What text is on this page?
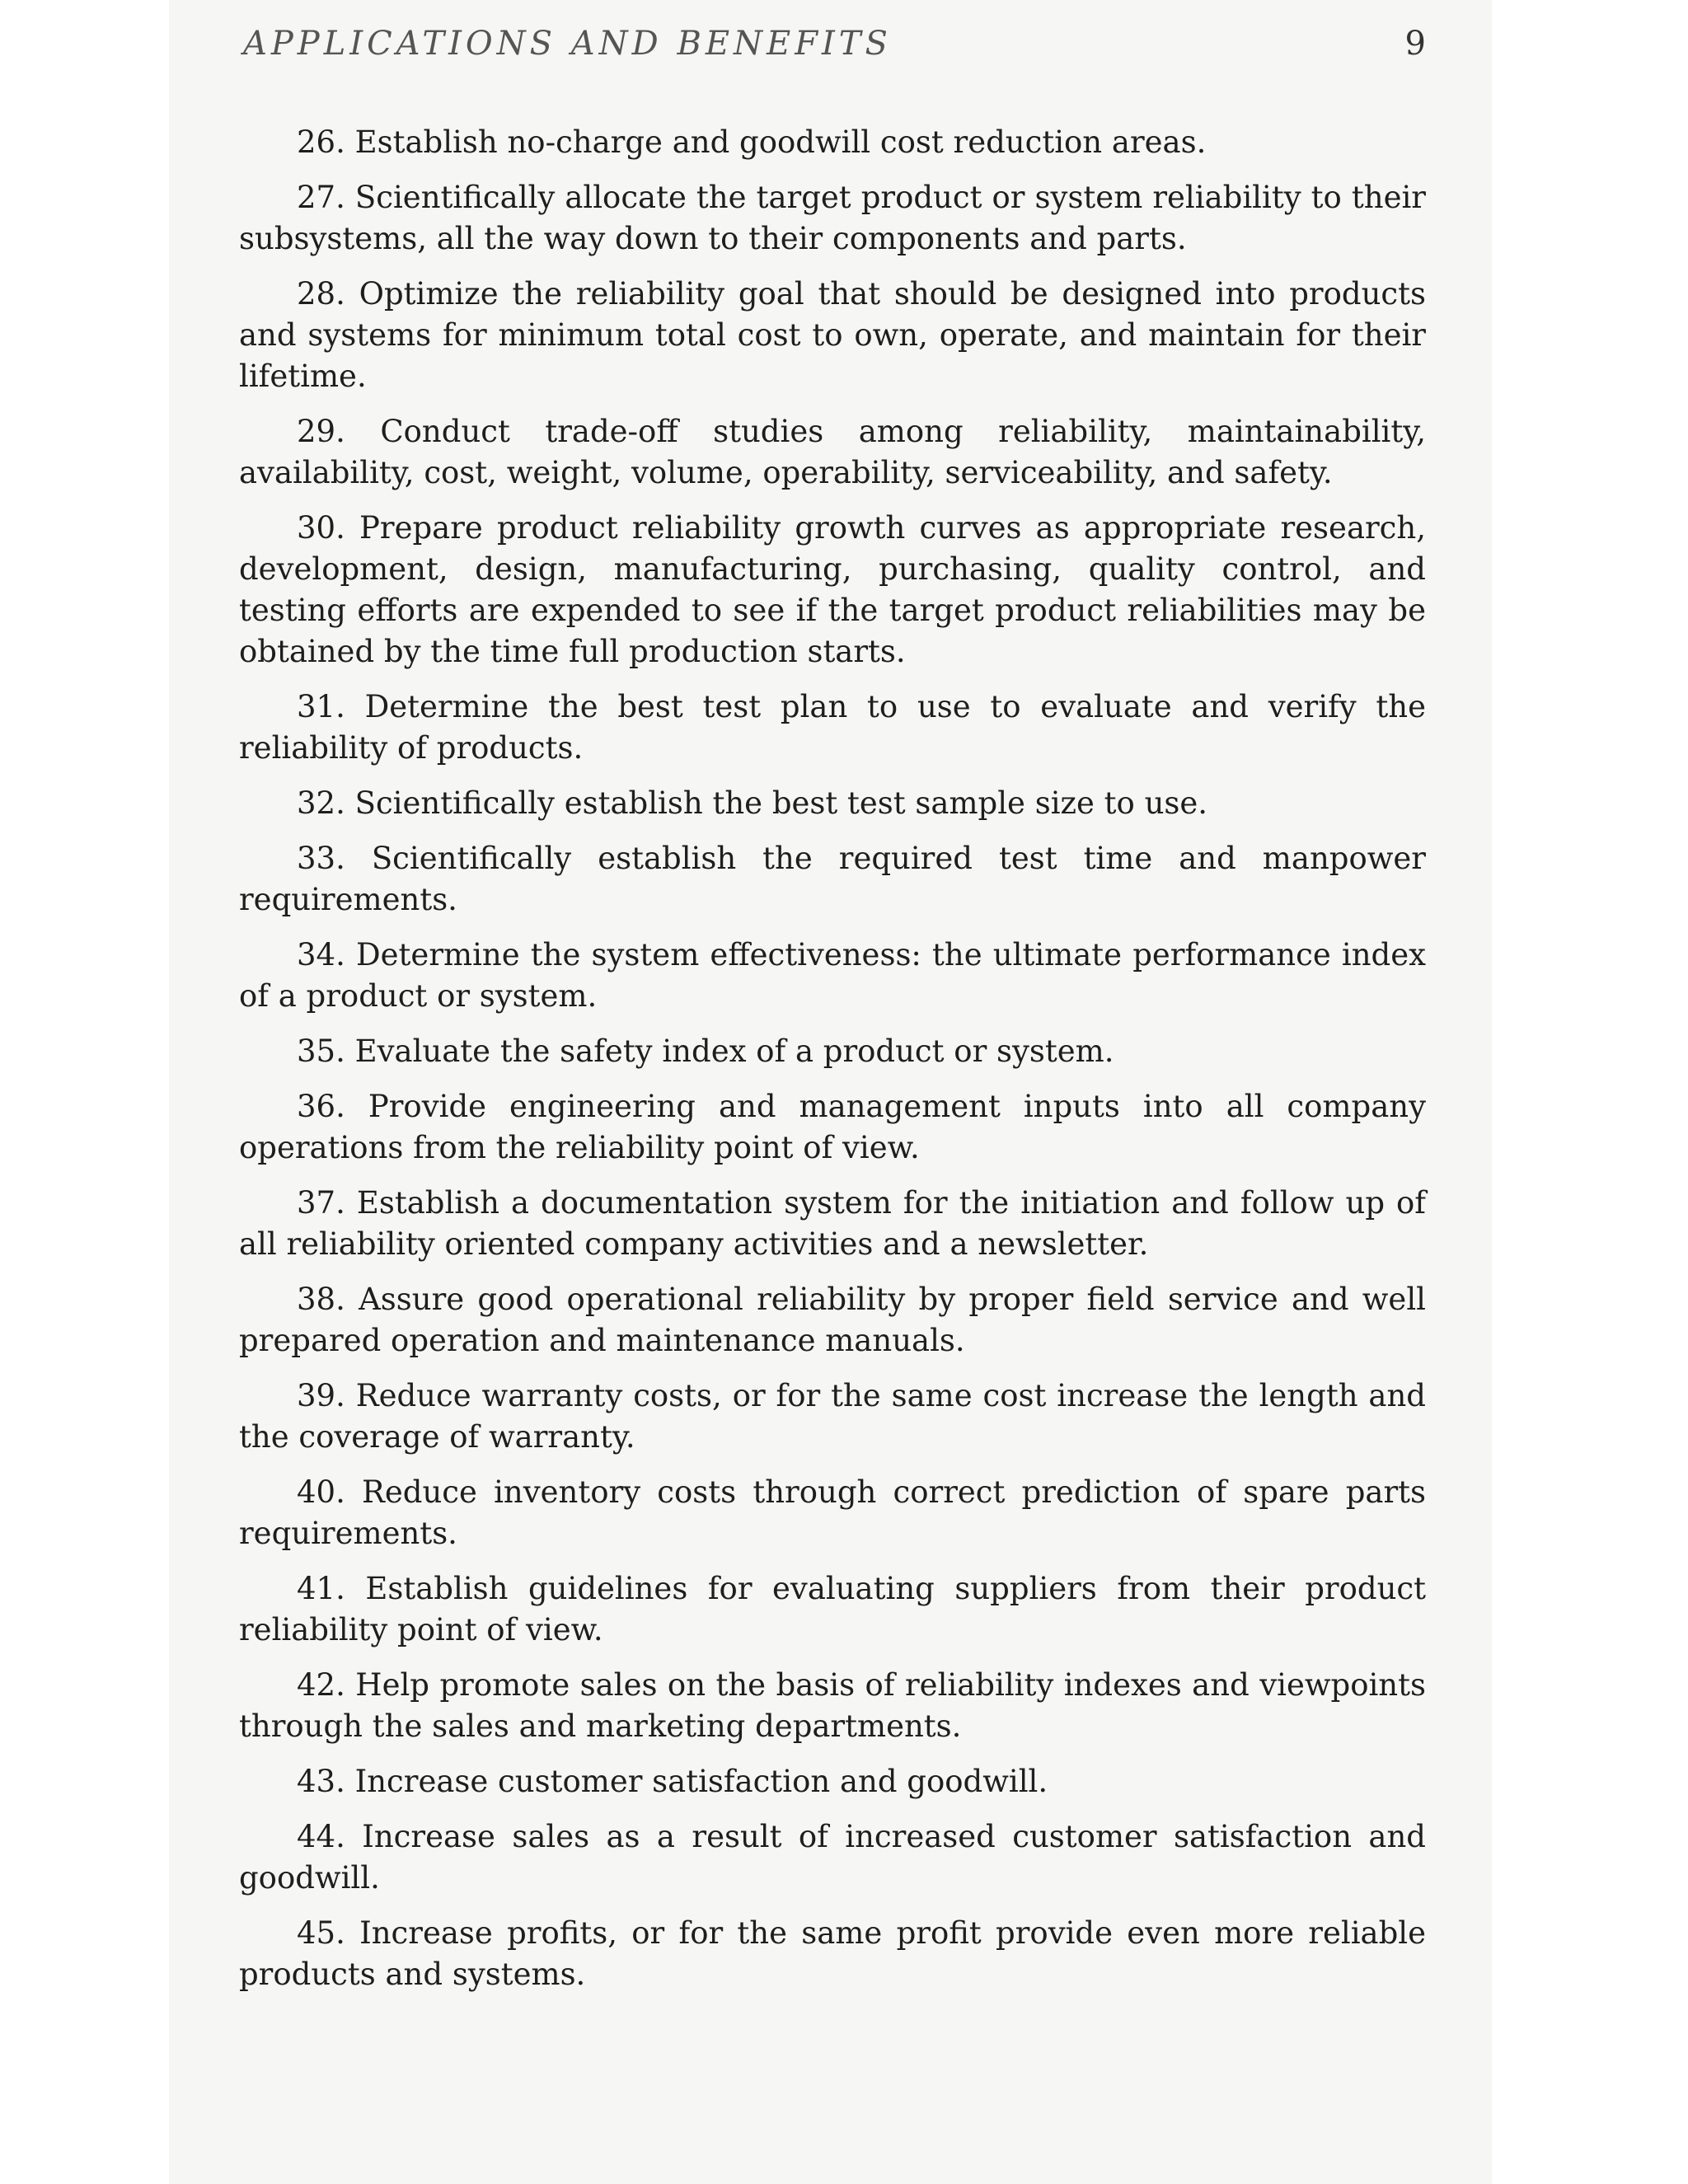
APPLICATIONS AND BENEFITS	9

26. Establish no-charge and goodwill cost reduction areas.

27. Scientifically allocate the target product or system reliability to their subsystems, all the way down to their components and parts.

28. Optimize the reliability goal that should be designed into products and systems for minimum total cost to own, operate, and maintain for their lifetime.

29. Conduct trade-off studies among reliability, maintainability, availability, cost, weight, volume, operability, serviceability, and safety.

30. Prepare product reliability growth curves as appropriate research, development, design, manufacturing, purchasing, quality control, and testing efforts are expended to see if the target product reliabilities may be obtained by the time full production starts.

31. Determine the best test plan to use to evaluate and verify the reliability of products.

32. Scientifically establish the best test sample size to use.

33. Scientifically establish the required test time and manpower requirements.

34. Determine the system effectiveness: the ultimate performance index of a product or system.

35. Evaluate the safety index of a product or system.

36. Provide engineering and management inputs into all company operations from the reliability point of view.

37. Establish a documentation system for the initiation and follow up of all reliability oriented company activities and a newsletter.

38. Assure good operational reliability by proper field service and well prepared operation and maintenance manuals.

39. Reduce warranty costs, or for the same cost increase the length and the coverage of warranty.

40. Reduce inventory costs through correct prediction of spare parts requirements.

41. Establish guidelines for evaluating suppliers from their product reliability point of view.

42. Help promote sales on the basis of reliability indexes and viewpoints through the sales and marketing departments.

43. Increase customer satisfaction and goodwill.

44. Increase sales as a result of increased customer satisfaction and goodwill.

45. Increase profits, or for the same profit provide even more reliable products and systems.
